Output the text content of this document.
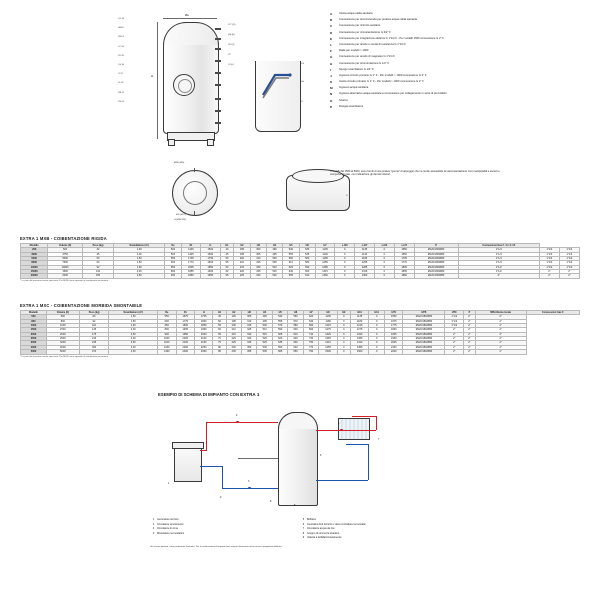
Øe
H
#O 14
#A 16
#B 14
#C 10
#D 10
#G 16
#I 12
#L 10
#M 12
#N 14
#17 (D)
(G) (D)
#15 (I)
#P
#3 (L)	#G
#H
#I
ØDE (ØG)
Ø E (Ø D)
G (ØFE PE)
#I
A	Uscita acqua calda sanitaria
B	Connessione per tecnico/sonda per preleva acqua calda sanitaria
C	Connessione per ricircolo sanitario
D	Connessione per circostanzazione G 3/2" F
E	Connessione per integrazione elettrica G 1"1/2 F - Per modelli 1500 connessione G 2" F
L	Connessione per anodo e sonda di resistenza G 1"1/4 F
F	Dado per modelli > 1000
G	Connessione per anodo di magnesio G 1"1/4 F
H	Connessione per strumentazione G 1/2" F
I	Spurgo scambiatore G 1/4" F
J	Ingresso circuito primario G 1" F - Per modelli > 1000 connessione G 2" F
K	Uscita circuito primario G 1" F - Per modelli > 1000 connessione G 2" F
M	Ingresso acqua sanitaria
N	Ingresso alternativo acqua sanitaria a connessione per collegamento in serie di più bollitori
O	Scarico
P	Flangia scambiatore
I modelli dal 1500 al 5000, sono forniti di una pratica "gonna" di appoggio che ne rende accessibile la raccomandazione così manipolabili e escorti e comporta laterale, con indicazione gli dei lati inferiori.
EXTRA 1 MXB - COIBENTAZIONE RIGIDA
Modello	Volume (lt)	Peso (kg)	Scambiatore (m²)	De	Dt	H	H1	H2	H3	H4	H5	H6	H7	s-ht6	s-ht7	s-ht2	s-ht7	P	Connessioni Gas F / A / G / B		
200	500	32	1,00	500	1445	1500	40	185	300	490	540	530	1135	0	1135	0	1550	Ø120/180/Ø80	1"1/4	1"1/4	1"1/4
3000	3750	45	1,00	500	1445	1560	45	195	305	495	555	535	1140	0	1140	0	1560	Ø120/180/Ø80	1"1/4	1"1/4	1"1/4
5000	5050	50	1,50	550	1705	1750	50	200	310	500	590	560	1195	0	1195	0	1705	Ø120/180/Ø80	1"1/4	1"1/4	1"1/4
8000	7500	60	1,50	600	1770	1800	55	210	325	505	610	580	1255	0	1255	0	1770	Ø120/180/Ø80	1"1/4	1"1/4	1"1/4
10000	10000	92	1,90	650	1805	1850	60	215	330	510	625	590	1285	0	1285	0	1805	Ø120/180/Ø80	1"1/2	1"1/2	1"1/2
15000	1500	134	2,00	800	1855	1900	62	220	335	515	640	600	1315	0	1315	0	1855	Ø120/180/Ø80	1"1/2	2"	2"
20000	2000	155	2,50	900	1860	1950	65	225	340	520	655	610	1360	0	1360	0	1860	Ø120/180/Ø80	2"	2"	2"
* Le parti del massima inertia specicata. Per M200 sono riportate in avertimento presenterà.
EXTRA 1 MXC - COIBENTAZIONE MORBIDA SMONTABILE
Modello	Volume (lt)	Peso (kg)	Scambiatore (m²)	De	Dt	H	H1	H2	H3	H4	H5	H6	H7	H8	H9	H10	H11	HT0	HTB	HTC	P	MIN Altezza locale	Connessioni Gas F
500	500	80	1,50	550	1675	1705	45	190	305	490	540	560	620	1135	0	1135	0	1550	Ø120/180/Ø80	1"1/2	2"	2"	
800	800	92	1,50	600	1775	1800	50	195	310	495	555	570	640	1180	0	1180	0	1675	Ø120/180/Ø80	1"1/2	2"	2"	
1000	1000	110	1,90	650	1830	1850	55	200	315	500	570	580	660	1215	0	1215	0	1775	Ø120/180/Ø80	1"1/2	2"	2"	
1500	1500	145	2,00	800	1905	1950	60	210	325	510	590	600	690	1275	0	1275	0	1830	Ø120/180/Ø80	2"	2"	2"	
2000	2000	175	2,50	900	1950	2000	65	215	330	515	605	610	710	1320	0	1320	0	1905	Ø120/180/Ø80	2"	2"	2"	
2500	2500	210	3,00	1000	2025	2100	70	220	340	520	620	620	730	1365	0	1365	0	1950	Ø120/180/Ø80	2"	2"	2"	
3000	3000	245	3,50	1100	2100	2150	75	225	345	525	635	630	750	1410	0	1410	0	2025	Ø120/180/Ø80	2"	2"	2"	
4000	4000	360	4,00	1200	2200	2250	80	230	350	530	650	640	770	1455	0	1455	0	2100	Ø120/180/Ø80	2"	2"	2"	
5000	5000	470	4,50	1300	2300	2350	85	235	355	535	665	650	790	1500	0	1500	0	2200	Ø120/180/Ø80	2"	2"	2"	
* Le parti del massima inertia specicata. Per M200 sono riportate in avertimento presenterà.
ESEMPIO DI SCHEMA DI IMPIANTO CON EXTRA 1
1
2
3
4
5
6
7
8
9
1	Generatore termico
2	Circolatore sicuramento
3	Circolatore di zona
4	Miscelatore termostatico
5	Bollitore
6	Centralina Full Control e valvo controllare termostatic
7	Circolatore acqua da risc.
8	Gruppo di sicurezza idraulico
9	Valvola a farfalla/miscelamento
Gli schemi riportati, sono puramente illustrativi. Per la realizzazione di impianti fare sempre riferimento ad un tecnico progettista abilitato.
